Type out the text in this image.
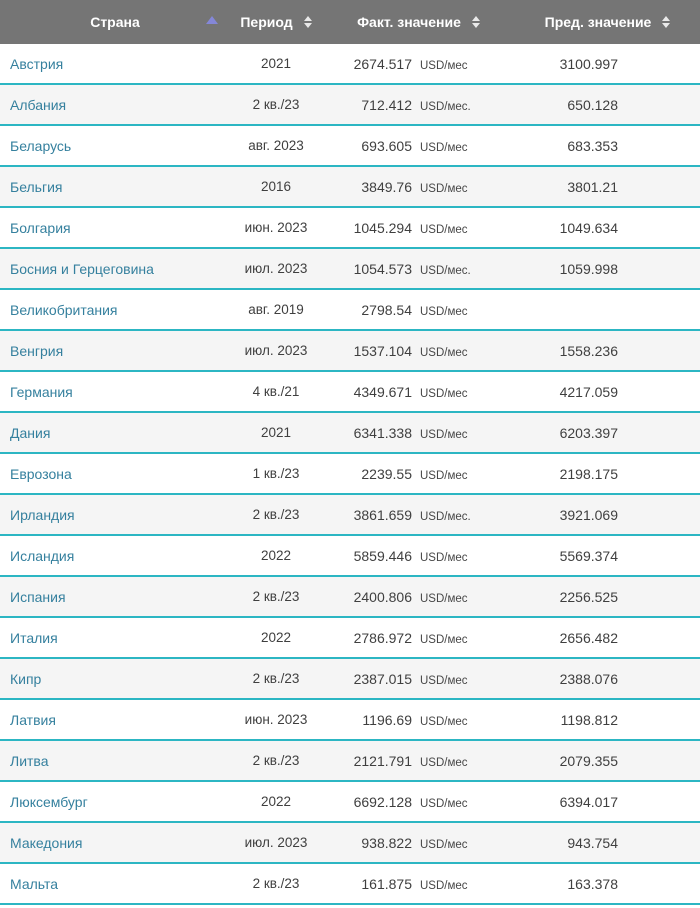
Страна	Период	Факт. значение	Пред. значение
Австрия	2021	2674.517 USD/мес	3100.997
Албания	2 кв./23	712.412 USD/мес.	650.128
Беларусь	авг. 2023	693.605 USD/мес	683.353
Бельгия	2016	3849.76 USD/мес	3801.21
Болгария	июн. 2023	1045.294 USD/мес	1049.634
Босния и Герцеговина	июл. 2023	1054.573 USD/мес.	1059.998
Великобритания	авг. 2019	2798.54 USD/мес
Венгрия	июл. 2023	1537.104 USD/мес	1558.236
Германия	4 кв./21	4349.671 USD/мес	4217.059
Дания	2021	6341.338 USD/мес	6203.397
Еврозона	1 кв./23	2239.55 USD/мес	2198.175
Ирландия	2 кв./23	3861.659 USD/мес.	3921.069
Исландия	2022	5859.446 USD/мес	5569.374
Испания	2 кв./23	2400.806 USD/мес	2256.525
Италия	2022	2786.972 USD/мес	2656.482
Кипр	2 кв./23	2387.015 USD/мес	2388.076
Латвия	июн. 2023	1196.69 USD/мес	1198.812
Литва	2 кв./23	2121.791 USD/мес	2079.355
Люксембург	2022	6692.128 USD/мес	6394.017
Македония	июл. 2023	938.822 USD/мес	943.754
Мальта	2 кв./23	161.875 USD/мес	163.378
